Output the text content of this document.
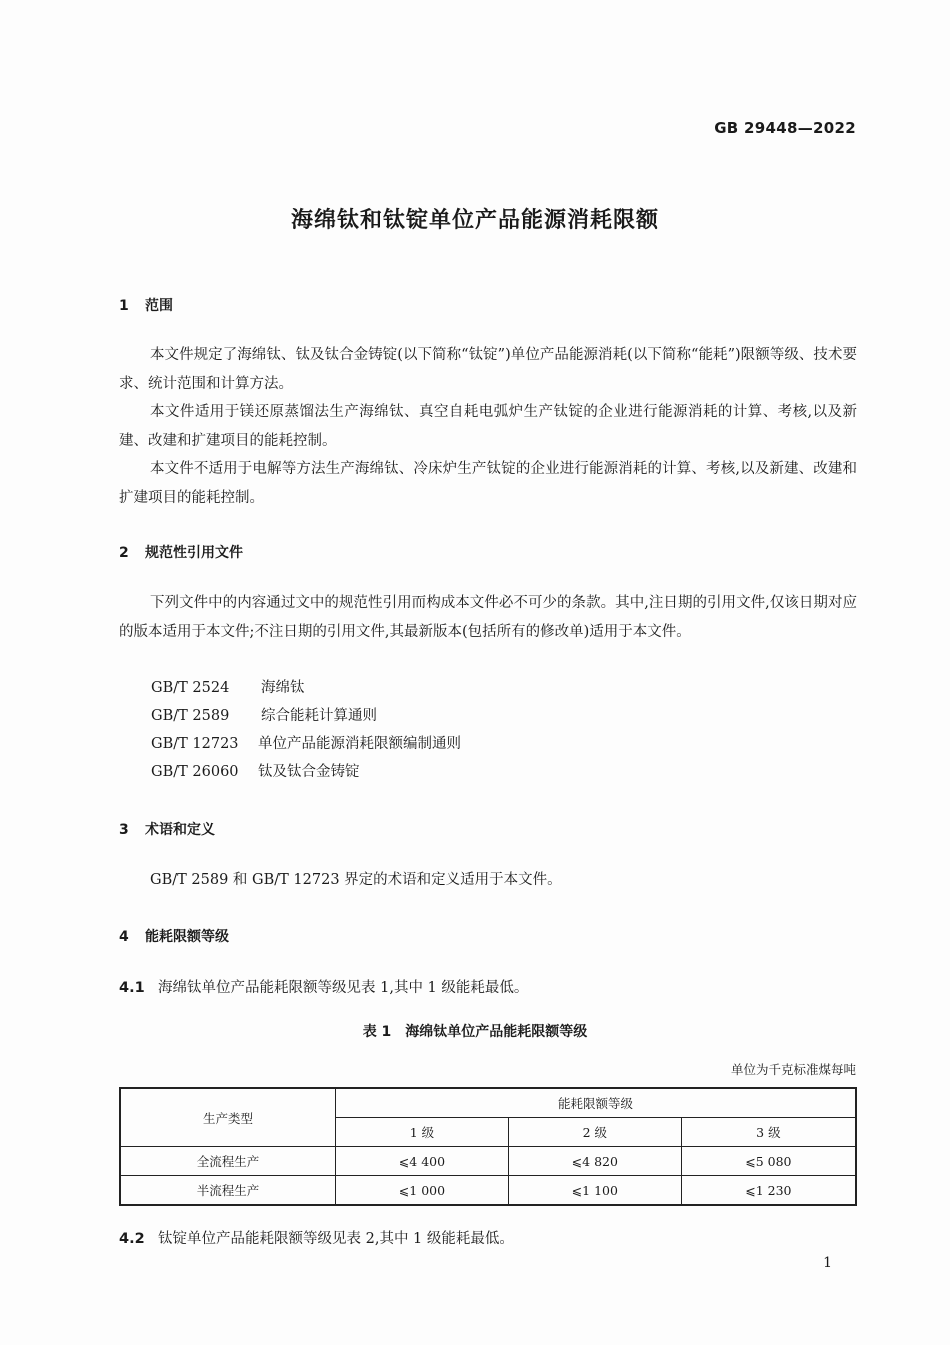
GB 29448—2022
海绵钛和钛锭单位产品能源消耗限额
1 范围
本文件规定了海绵钛、钛及钛合金铸锭(以下简称“钛锭”)单位产品能源消耗(以下简称“能耗”)限额等级、技术要求、统计范围和计算方法。
本文件适用于镁还原蒸馏法生产海绵钛、真空自耗电弧炉生产钛锭的企业进行能源消耗的计算、考核,以及新建、改建和扩建项目的能耗控制。
本文件不适用于电解等方法生产海绵钛、冷床炉生产钛锭的企业进行能源消耗的计算、考核,以及新建、改建和扩建项目的能耗控制。
2 规范性引用文件
下列文件中的内容通过文中的规范性引用而构成本文件必不可少的条款。其中,注日期的引用文件,仅该日期对应的版本适用于本文件;不注日期的引用文件,其最新版本(包括所有的修改单)适用于本文件。
GB/T 2524 海绵钛
GB/T 2589 综合能耗计算通则
GB/T 12723 单位产品能源消耗限额编制通则
GB/T 26060 钛及钛合金铸锭
3 术语和定义
GB/T 2589 和 GB/T 12723 界定的术语和定义适用于本文件。
4 能耗限额等级
4.1 海绵钛单位产品能耗限额等级见表 1,其中 1 级能耗最低。
表 1　海绵钛单位产品能耗限额等级
单位为千克标准煤每吨
生产类型	能耗限额等级		
	1 级	2 级	3 级
全流程生产	⩽4 400	⩽4 820	⩽5 080
半流程生产	⩽1 000	⩽1 100	⩽1 230
4.2 钛锭单位产品能耗限额等级见表 2,其中 1 级能耗最低。
1
